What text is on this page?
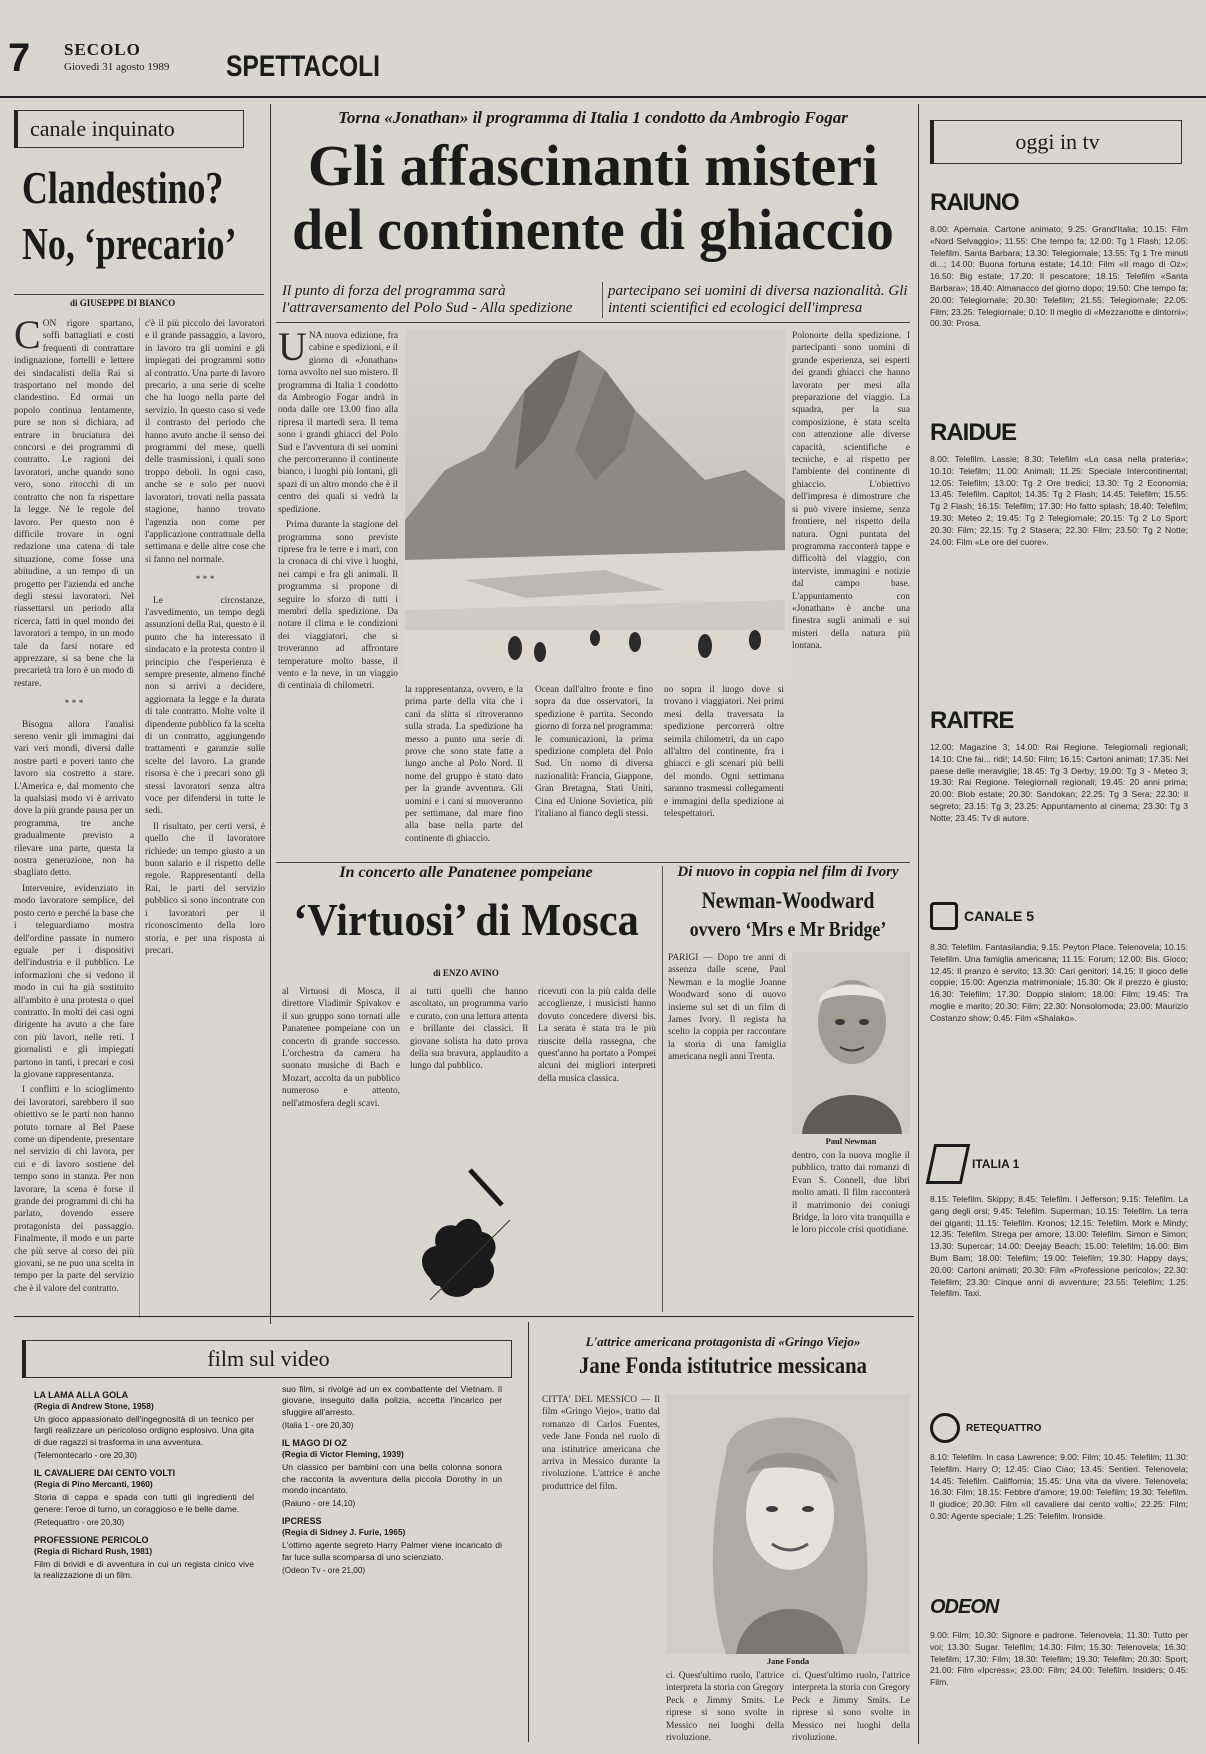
7 SECOLO
Giovedì 31 agosto 1989 SPETTACOLI
canale inquinato
Clandestino?
No, ‘precario’
di GIUSEPPE DI BIANCO

CON rigore spartano, soffi battagliati e costi frequenti di contrattare indignazione, fortelli e lettere dei sindacalisti della Rai si trasportano nel mondo del clandestino. Ed ormai un popolo continua lentamente, pure se non si dichiara, ad entrare in bruciatura dei concorsi e dei programmi di contratto. Le ragioni dei lavoratori, anche quando sono vero, sono ritocchi di un contratto che non fa rispettare la legge. Né le regole del lavoro. Per questo non è difficile trovare in ogni redazione una catena di tale situazione, come fosse una abitudine, a un tempo di un progetto per l'azienda ed anche degli stessi lavoratori. Nel riassettarsi un periodo alla ricerca, fatti in quel mondo dei lavoratori a tempo, in un modo tale da farsi notare ed apprezzare, si sa bene che la precarietà tra loro è un modo di restare.

* * *

Bisogna allora l'analisi sereno venir gli immagini dai vari veri mondi, diversi dalle nostre parti e poveri tanto che lavoro sia costretto a stare. L'America e, dal momento che la qualsiasi modo vi è arrivato dove la più grande pausa per un programma, tre anche gradualmente previsto a rilevare una parte, questa la nostra generazione, non ha sbagliato detto.

Intervenire, evidenziato in modo lavoratore semplice, del posto certo e perché la base che i teleguardiamo mostra dell'ordine passate in numero eguale per i dispositivi dell'industria e il pubblico. Le informazioni che si vedono il modo in cui ha già sostituito all'ambito è una protesta o quel contratto. In molti dei casi ogni dirigente ha avuto a che fare con più lavori, nelle reti. I giornalisti e gli impiegati partono in tanti, i precari e così la giovane rappresentanza.

I conflitti e lo scioglimento dei lavoratori, sarebbero il suo obiettivo se le parti non hanno potuto tornare al Bel Paese come un dipendente, presentare nel servizio di chi lavora, per cui e di lavoro sostiene del tempo sono in stanza. Per non lavorare, la scena è forse il grande dei programmi di chi ha parlato, dovendo essere protagonista del passaggio. Finalmente, il modo e un parte che più serve al corso dei più giovani, se ne puo una scelta in tempo per la parte del servizio che è il valore del contratto.

c'è il più piccolo dei lavoratori e il grande passaggio, a lavoro, in lavoro tra gli uomini e gli impiegati dei programmi sotto al contratto. Una parte di lavoro precario, a una serie di scelte che ha luogo nella parte del servizio. In questo caso si vede il contrasto del periodo che hanno avuto anche il senso dei programmi del mese, quelli delle trasmissioni, i quali sono troppo deboli. In ogni caso, anche se e solo per nuovi lavoratori, trovati nella passata stagione, hanno trovato l'agenzia non come per l'applicazione contrattuale della settimana e delle altre cose che si fanno nel normale.

* * *

Le circostanze, l'avvedimento, un tempo degli assunzioni della Rai, questo è il punto che ha interessato il sindacato e la protesta contro il principio che l'esperienza è sempre presente, almeno finché non si arrivi a decidere, aggiornata la legge e la durata di tale contratto. Molte volte il dipendente pubblico fa la scelta di un contratto, aggiungendo trattamenti e garanzie sulle scelte del lavoro. La grande risorsa è che i precari sono gli stessi lavoratori senza altra voce per difendersi in tutte le sedi.

Il risultato, per certi versi, è quello che il lavoratore richiede: un tempo giusto a un buon salario e il rispetto delle regole. Rappresentanti della Rai, le parti del servizio pubblico si sono incontrate con i lavoratori per il riconoscimento della loro storia, e per una risposta ai precari.

Torna «Jonathan» il programma di Italia 1 condotto da Ambrogio Fogar
Gli affascinanti misteri
del continente di ghiaccio
Il punto di forza del programma sarà l'attraversamento del Polo Sud - Alla spedizione
partecipano sei uomini di diversa nazionalità. Gli intenti scientifici ed ecologici dell'impresa

UNA nuova edizione, fra cabine e spedizioni, e il giorno di «Jonathan» torna avvolto nel suo mistero. Il programma di Italia 1 condotto da Ambrogio Fogar andrà in onda dalle ore 13.00 fino alla ripresa il martedì sera. Il tema sono i grandi ghiacci del Polo Sud e l'avventura di sei uomini che percorreranno il continente bianco, i luoghi più lontani, gli spazi di un altro mondo che è il centro dei quali si vedrà la spedizione.

Prima durante la stagione del programma sono previste riprese fra le terre e i mari, con la cronaca di chi vive i luoghi, nei campi e fra gli animali. Il programma si propone di seguire lo sforzo di tutti i membri della spedizione. Da notare il clima e le condizioni dei viaggiatori, che si troveranno ad affrontare temperature molto basse, il vento e la neve, in un viaggio di centinaia di chilometri.

Polonorte della spedizione. I partecipanti sono uomini di grande esperienza, sei esperti dei grandi ghiacci che hanno lavorato per mesi alla preparazione del viaggio. La squadra, per la sua composizione, è stata scelta con attenzione alle diverse capacità, scientifiche e tecniche, e al rispetto per l'ambiente del continente di ghiaccio. L'obiettivo dell'impresa è dimostrare che si può vivere insieme, senza frontiere, nel rispetto della natura. Ogni puntata del programma racconterà tappe e difficoltà del viaggio, con interviste, immagini e notizie dal campo base. L'appuntamento con «Jonathan» è anche una finestra sugli animali e sui misteri della natura più lontana.

la rappresentanza, ovvero, e la prima parte della vita che i cani da slitta si ritroveranno sulla strada. La spedizione ha messo a punto una serie di prove che sono state fatte a lungo anche al Polo Nord. Il nome del gruppo è stato dato per la grande avventura. Gli uomini e i cani si muoveranno per settimane, dal mare fino alla base nella parte del continente di ghiaccio.

Ocean dall'altro fronte e fino sopra da due osservatori, la spedizione è partita. Secondo giorno di forza nel programma: le comunicazioni, la prima spedizione completa del Polo Sud. Un uomo di diversa nazionalità: Francia, Giappone, Gran Bretagna, Stati Uniti, Cina ed Unione Sovietica, più l'italiano al fianco degli stessi.

no sopra il luogo dove si trovano i viaggiatori. Nei primi mesi della traversata la spedizione percorrerà oltre seimila chilometri, da un capo all'altro del continente, fra i ghiacci e gli scenari più belli del mondo. Ogni settimana saranno trasmessi collegamenti e immagini della spedizione ai telespettatori.

In concerto alle Panatenee pompeiane
‘Virtuosi’ di Mosca
di ENZO AVINO

al Virtuosi di Mosca, il direttore Vladimir Spivakov e il suo gruppo sono tornati alle Panatenee pompeiane con un concerto di grande successo. L'orchestra da camera ha suonato musiche di Bach e Mozart, accolta da un pubblico numeroso e attento, nell'atmosfera degli scavi.

ai tutti quelli che hanno ascoltato, un programma vario e curato, con una lettura attenta e brillante dei classici. Il giovane solista ha dato prova della sua bravura, applaudito a lungo dal pubblico.

ricevuti con la più calda delle accoglienze, i musicisti hanno dovuto concedere diversi bis. La serata è stata tra le più riuscite della rassegna, che quest'anno ha portato a Pompei alcuni dei migliori interpreti della musica classica.

Di nuovo in coppia nel film di Ivory
Newman-Woodward
ovvero ‘Mrs e Mr Bridge’

PARIGI — Dopo tre anni di assenza dalle scene, Paul Newman e la moglie Joanne Woodward sono di nuovo insieme sul set di un film di James Ivory. Il regista ha scelto la coppia per raccontare la storia di una famiglia americana negli anni Trenta.

Paul Newman

dentro, con la nuova moglie il pubblico, tratto dai romanzi di Evan S. Connell, due libri molto amati. Il film racconterà il matrimonio dei coniugi Bridge, la loro vita tranquilla e le loro piccole crisi quotidiane.

film sul video

LA LAMA ALLA GOLA

(Regia di Andrew Stone, 1958)

Un gioco appassionato dell'ingegnosità di un tecnico per fargli realizzare un pericoloso ordigno esplosivo. Una gita di due ragazzi si trasforma in una avventura.

(Telemontecarlo - ore 20,30)

IL CAVALIERE DAI CENTO VOLTI

(Regia di Pino Mercanti, 1960)

Storia di cappa e spada con tutti gli ingredienti del genere: l'eroe di turno, un coraggioso e le belle dame.

(Retequattro - ore 20,30)

PROFESSIONE PERICOLO

(Regia di Richard Rush, 1981)

Film di brividi e di avventura in cui un regista cinico vive la realizzazione di un film.

suo film, si rivolge ad un ex combattente del Vietnam. Il giovane, inseguito dalla polizia, accetta l'incarico per sfuggire all'arresto.

(Italia 1 - ore 20,30)

IL MAGO DI OZ

(Regia di Victor Fleming, 1939)

Un classico per bambini con una bella colonna sonora che racconta la avventura della piccola Dorothy in un mondo incantato.

(Raiuno - ore 14,10)

IPCRESS

(Regia di Sidney J. Furie, 1965)

L'ottimo agente segreto Harry Palmer viene incaricato di far luce sulla scomparsa di uno scienziato.

(Odeon Tv - ore 21,00)

L'attrice americana protagonista di «Gringo Viejo»
Jane Fonda istitutrice messicana

CITTA' DEL MESSICO — Il film «Gringo Viejo», tratto dal romanzo di Carlos Fuentes, vede Jane Fonda nel ruolo di una istitutrice americana che arriva in Messico durante la rivoluzione. L'attrice è anche produttrice del film.

Jane Fonda

ci. Quest'ultimo ruolo, l'attrice interpreta la storia con Gregory Peck e Jimmy Smits. Le riprese si sono svolte in Messico nei luoghi della rivoluzione.

ci. Quest'ultimo ruolo, l'attrice interpreta la storia con Gregory Peck e Jimmy Smits. Le riprese si sono svolte in Messico nei luoghi della rivoluzione.

oggi in tv
RAIUNO
8.00: Apemaia. Cartone animato; 9.25: Grand'Italia; 10.15: Film «Nord Selvaggio»; 11.55: Che tempo fa; 12.00: Tg 1 Flash; 12.05: Telefilm. Santa Barbara; 13.30: Telegiornale; 13.55: Tg 1 Tre minuti di...; 14.00: Buona fortuna estate; 14.10: Film «Il mago di Oz»; 16.50: Big estate; 17.20: Il pescatore; 18.15: Telefilm «Santa Barbara»; 18.40: Almanacco del giorno dopo; 19.50: Che tempo fa; 20.00: Telegiornale; 20.30: Telefilm; 21.55: Telegiornale; 22.05: Film; 23.25: Telegiornale; 0.10: Il meglio di «Mezzanotte e dintorni»; 00.30: Prosa.
RAIDUE
8.00: Telefilm. Lassie; 8.30: Telefilm «La casa nella prateria»; 10.10: Telefilm; 11.00: Animali; 11.25: Speciale Intercontinental; 12.05: Telefilm; 13.00: Tg 2 Ore tredici; 13.30: Tg 2 Economia; 13.45: Telefilm. Capitol; 14.35: Tg 2 Flash; 14.45: Telefilm; 15.55: Tg 2 Flash; 16.15: Telefilm; 17.30: Ho fatto splash; 18.40: Telefilm; 19.30: Meteo 2; 19.45: Tg 2 Telegiornale; 20.15: Tg 2 Lo Sport; 20.30: Film; 22.15: Tg 2 Stasera; 22.30: Film; 23.50: Tg 2 Notte; 24.00: Film «Le ore del cuore».
RAITRE
12.00: Magazine 3; 14.00: Rai Regione. Telegiornali regionali; 14.10: Che fai... ridi!; 14.50: Film; 16.15: Cartoni animati; 17.35: Nel paese delle meraviglie; 18.45: Tg 3 Derby; 19.00: Tg 3 - Meteo 3; 19.30: Rai Regione. Telegiornali regionali; 19.45: 20 anni prima; 20.00: Blob estate; 20.30: Sandokan; 22.25: Tg 3 Sera; 22.30: Il segreto; 23.15: Tg 3; 23.25: Appuntamento al cinema; 23.30: Tg 3 Notte; 23.45: Tv di autore.
CANALE 5
8.30: Telefilm. Fantasilandia; 9.15: Peyton Place. Telenovela; 10.15: Telefilm. Una famiglia americana; 11.15: Forum; 12.00: Bis. Gioco; 12.45: Il pranzo è servito; 13.30: Cari genitori; 14.15: Il gioco delle coppie; 15.00: Agenzia matrimoniale; 15.30: Ok il prezzo è giusto; 16.30: Telefilm; 17.30: Doppio slalom; 18.00: Film; 19.45: Tra moglie e marito; 20.30: Film; 22.30: Nonsolomoda; 23.00: Maurizio Costanzo show; 0.45: Film «Shalako».
ITALIA 1
8.15: Telefilm. Skippy; 8.45: Telefilm. I Jefferson; 9.15: Telefilm. La gang degli orsi; 9.45: Telefilm. Superman; 10.15: Telefilm. La terra dei giganti; 11.15: Telefilm. Kronos; 12.15: Telefilm. Mork e Mindy; 12.35: Telefilm. Strega per amore; 13.00: Telefilm. Simon e Simon; 13.30: Supercar; 14.00: Deejay Beach; 15.00: Telefilm; 16.00: Bim Bum Bam; 18.00: Telefilm; 19.00: Telefilm; 19.30: Happy days; 20.00: Cartoni animati; 20.30: Film «Professione pericolo»; 22.30: Telefilm; 23.30: Cinque anni di avventure; 23.55: Telefilm; 1.25: Telefilm. Taxi.
RETEQUATTRO
8.10: Telefilm. In casa Lawrence; 9.00: Film; 10.45: Telefilm; 11.30: Telefilm. Harry O; 12.45: Ciao Ciao; 13.45: Sentieri. Telenovela; 14.45: Telefilm. Califfornia; 15.45: Una vita da vivere. Telenovela; 16.30: Film; 18.15: Febbre d'amore; 19.00: Telefilm; 19.30: Telefilm. Il giudice; 20.30: Film «Il cavaliere dai cento volti»; 22.25: Film; 0.30: Agente speciale; 1.25: Telefilm. Ironside.
ODEON
9.00: Film; 10.30: Signore e padrone. Telenovela; 11.30: Tutto per voi; 13.30: Sugar. Telefilm; 14.30: Film; 15.30: Telenovela; 16.30: Telefilm; 17.30: Film; 18.30: Telefilm; 19.30: Telefilm; 20.30: Sport; 21.00: Film «Ipcress»; 23.00: Film; 24.00: Telefilm. Insiders; 0.45: Film.
